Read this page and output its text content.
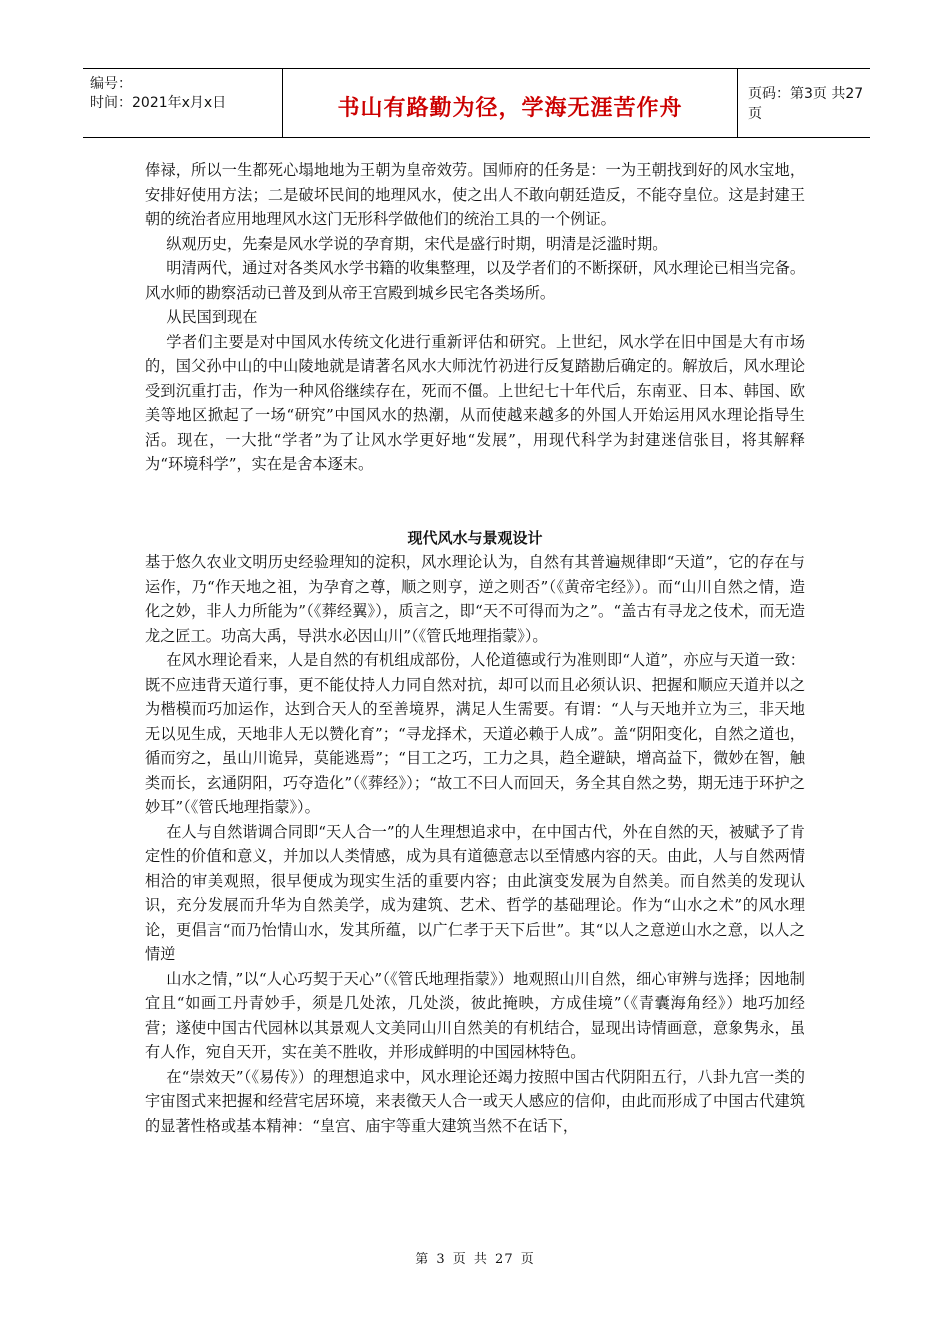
编号：
时间：2021年x月x日	书山有路勤为径，学海无涯苦作舟
页码：第3页 共27页

俸禄，所以一生都死心塌地地为王朝为皇帝效劳。国师府的任务是：一为王朝找到好的风水宝地，安排好使用方法；二是破坏民间的地理风水，使之出人不敢向朝廷造反，不能夺皇位。这是封建王朝的统治者应用地理风水这门无形科学做他们的统治工具的一个例证。

纵观历史，先秦是风水学说的孕育期，宋代是盛行时期，明清是泛滥时期。

明清两代，通过对各类风水学书籍的收集整理，以及学者们的不断探研，风水理论已相当完备。风水师的勘察活动已普及到从帝王宫殿到城乡民宅各类场所。

从民国到现在

学者们主要是对中国风水传统文化进行重新评估和研究。上世纪，风水学在旧中国是大有市场的，国父孙中山的中山陵地就是请著名风水大师沈竹礽进行反复踏勘后确定的。解放后，风水理论受到沉重打击，作为一种风俗继续存在，死而不僵。上世纪七十年代后，东南亚、日本、韩国、欧美等地区掀起了一场“研究”中国风水的热潮，从而使越来越多的外国人开始运用风水理论指导生活。现在，一大批“学者”为了让风水学更好地“发展”，用现代科学为封建迷信张目，将其解释为“环境科学”，实在是舍本逐末。

现代风水与景观设计

基于悠久农业文明历史经验理知的淀积，风水理论认为，自然有其普遍规律即“天道”，它的存在与运作，乃“作天地之祖，为孕育之尊，顺之则亨，逆之则否”（《黄帝宅经》）。而“山川自然之情，造化之妙，非人力所能为”（《葬经翼》），质言之，即“天不可得而为之”。“盖古有寻龙之伎术，而无造龙之匠工。功高大禹，导洪水必因山川”（《管氏地理指蒙》）。

在风水理论看来，人是自然的有机组成部份，人伦道德或行为准则即“人道”，亦应与天道一致：既不应违背天道行事，更不能仗持人力同自然对抗，却可以而且必须认识、把握和顺应天道并以之为楷模而巧加运作，达到合天人的至善境界，满足人生需要。有谓：“人与天地并立为三，非天地无以见生成，天地非人无以赞化育”；“寻龙择术，天道必赖于人成”。盖“阴阳变化，自然之道也，循而穷之，虽山川诡异，莫能逃焉”；“目工之巧，工力之具，趋全避缺，增高益下，微妙在智，触类而长，玄通阴阳，巧夺造化”（《葬经》）；“故工不曰人而回天，务全其自然之势，期无违于环护之妙耳”（《管氏地理指蒙》）。

在人与自然谐调合同即“天人合一”的人生理想追求中，在中国古代，外在自然的天，被赋予了肯定性的价值和意义，并加以人类情感，成为具有道德意志以至情感内容的天。由此，人与自然两情相洽的审美观照，很早便成为现实生活的重要内容；由此演变发展为自然美。而自然美的发现认识，充分发展而升华为自然美学，成为建筑、艺术、哲学的基础理论。作为“山水之术”的风水理论，更倡言“而乃怡情山水，发其所蕴，以广仁孝于天下后世”。其“以人之意逆山水之意，以人之情逆

山水之情，”以“人心巧契于天心”（《管氏地理指蒙》）地观照山川自然，细心审辨与选择；因地制宜且“如画工丹青妙手，须是几处浓，几处淡，彼此掩映，方成佳境”（《青囊海角经》）地巧加经营；遂使中国古代园林以其景观人文美同山川自然美的有机结合，显现出诗情画意，意象隽永，虽有人作，宛自天开，实在美不胜收，并形成鲜明的中国园林特色。

在“崇效天”（《易传》）的理想追求中，风水理论还竭力按照中国古代阴阳五行，八卦九宫一类的宇宙图式来把握和经营宅居环境，来表徵天人合一或天人感应的信仰，由此而形成了中国古代建筑的显著性格或基本精神：“皇宫、庙宇等重大建筑当然不在话下，

第 3 页 共 27 页
